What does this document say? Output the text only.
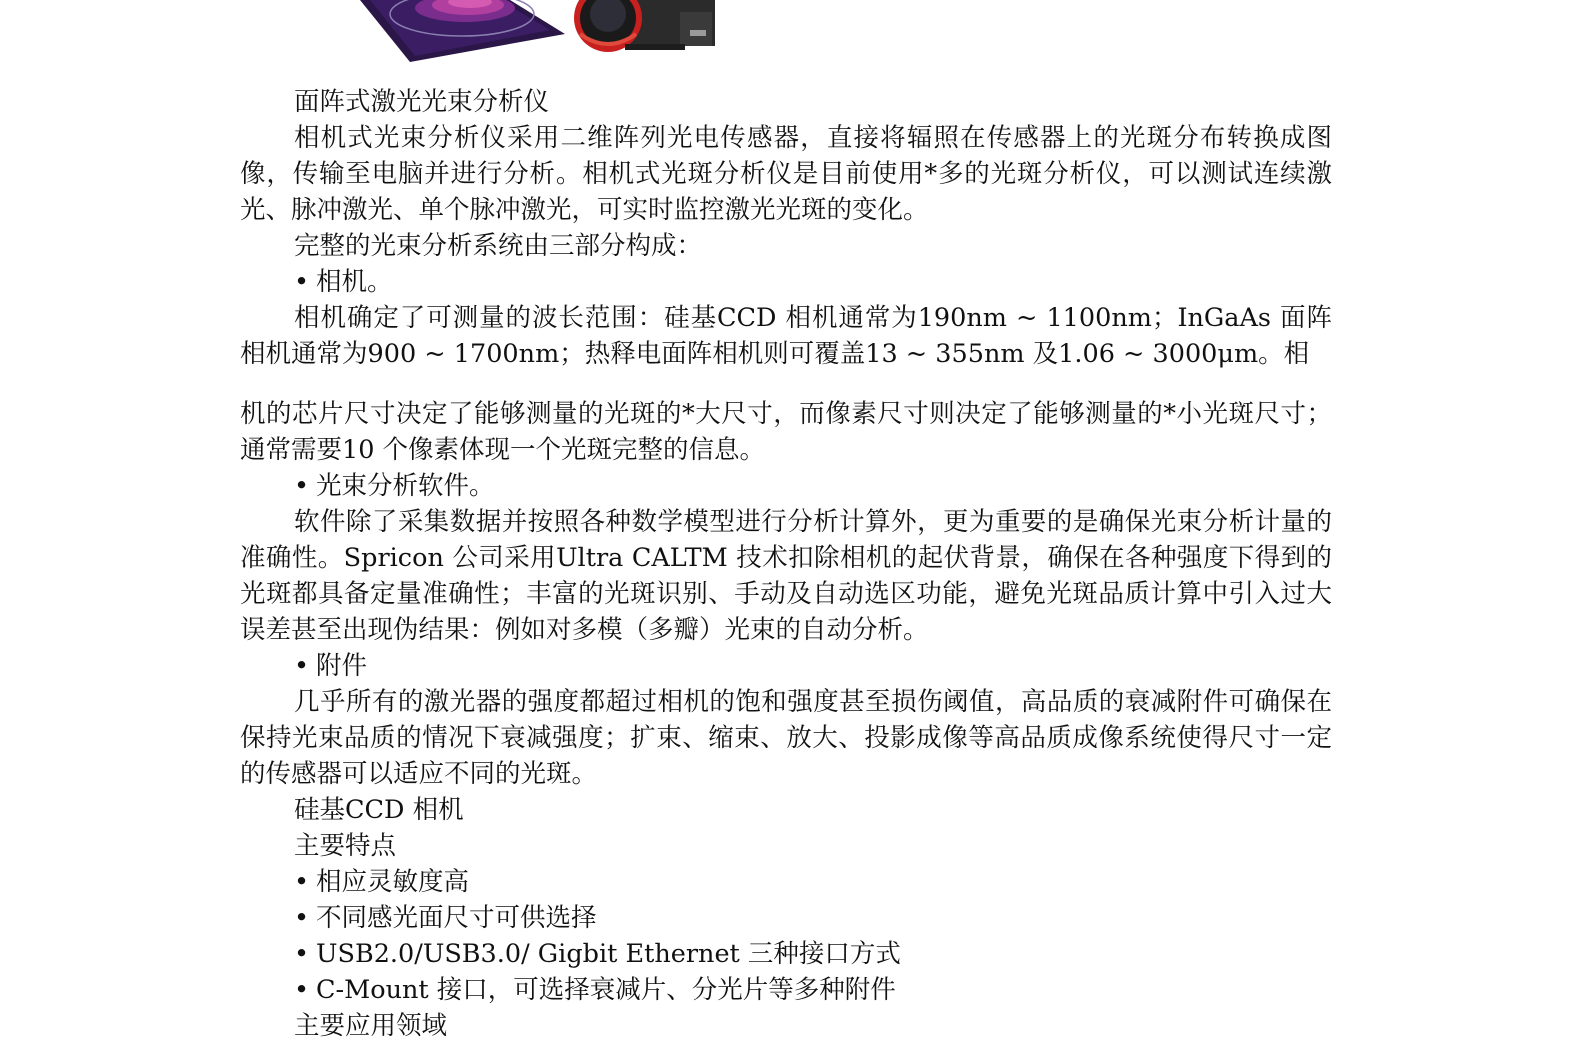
面阵式激光光束分析仪

相机式光束分析仪采用二维阵列光电传感器，直接将辐照在传感器上的光斑分布转换成图像，传输至电脑并进行分析。相机式光斑分析仪是目前使用*多的光斑分析仪，可以测试连续激光、脉冲激光、单个脉冲激光，可实时监控激光光斑的变化。

完整的光束分析系统由三部分构成：

• 相机。

相机确定了可测量的波长范围：硅基CCD 相机通常为190nm ~ 1100nm；InGaAs 面阵相机通常为900 ~ 1700nm；热释电面阵相机则可覆盖13 ~ 355nm 及1.06 ~ 3000μm。相

机的芯片尺寸决定了能够测量的光斑的*大尺寸，而像素尺寸则决定了能够测量的*小光斑尺寸；通常需要10 个像素体现一个光斑完整的信息。

• 光束分析软件。

软件除了采集数据并按照各种数学模型进行分析计算外，更为重要的是确保光束分析计量的准确性。Spricon 公司采用Ultra CALTM 技术扣除相机的起伏背景，确保在各种强度下得到的光斑都具备定量准确性；丰富的光斑识别、手动及自动选区功能，避免光斑品质计算中引入过大误差甚至出现伪结果：例如对多模（多瓣）光束的自动分析。

• 附件

几乎所有的激光器的强度都超过相机的饱和强度甚至损伤阈值，高品质的衰减附件可确保在保持光束品质的情况下衰减强度；扩束、缩束、放大、投影成像等高品质成像系统使得尺寸一定的传感器可以适应不同的光斑。

硅基CCD 相机

主要特点

• 相应灵敏度高

• 不同感光面尺寸可供选择

• USB2.0/USB3.0/ Gigbit Ethernet 三种接口方式

• C-Mount 接口，可选择衰减片、分光片等多种附件

主要应用领域
